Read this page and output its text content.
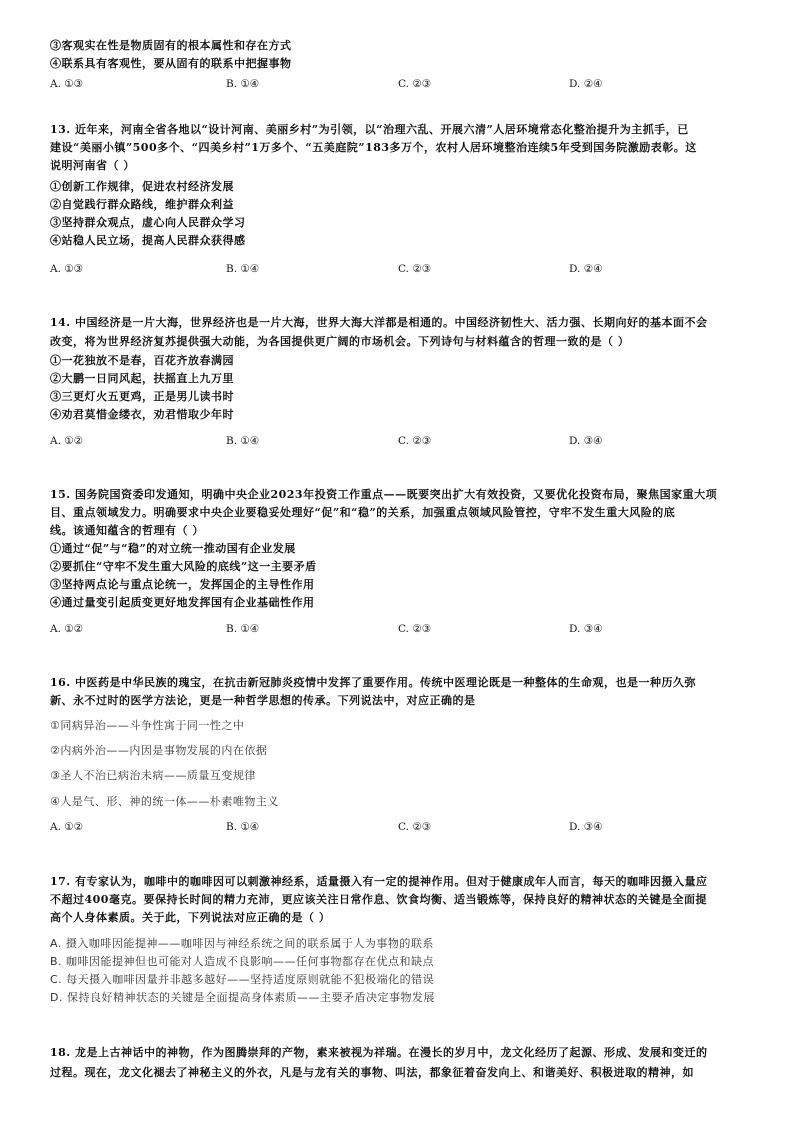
③客观实在性是物质固有的根本属性和存在方式
④联系具有客观性，要从固有的联系中把握事物
A. ①③	B. ①④	C. ②③	D. ②④
13. 近年来，河南全省各地以“设计河南、美丽乡村”为引领，以“治理六乱、开展六清”人居环境常态化整治提升为主抓手，已
建设“美丽小镇”500多个、“四美乡村”1万多个、“五美庭院”183多万个，农村人居环境整治连续5年受到国务院激励表彰。这
说明河南省（ ）
①创新工作规律，促进农村经济发展
②自觉践行群众路线，维护群众利益
③坚持群众观点，虚心向人民群众学习
④站稳人民立场，提高人民群众获得感
A. ①③	B. ①④	C. ②③	D. ②④
14. 中国经济是一片大海，世界经济也是一片大海，世界大海大洋都是相通的。中国经济韧性大、活力强、长期向好的基本面不会
改变，将为世界经济复苏提供强大动能，为各国提供更广阔的市场机会。下列诗句与材料蕴含的哲理一致的是（ ）
①一花独放不是春，百花齐放春满园
②大鹏一日同风起，扶摇直上九万里
③三更灯火五更鸡，正是男儿读书时
④劝君莫惜金缕衣，劝君惜取少年时
A. ①②	B. ①④	C. ②③	D. ③④
15. 国务院国资委印发通知，明确中央企业2023年投资工作重点——既要突出扩大有效投资，又要优化投资布局，聚焦国家重大项
目、重点领域发力。明确要求中央企业要稳妥处理好“促”和“稳”的关系，加强重点领域风险管控，守牢不发生重大风险的底
线。该通知蕴含的哲理有（ ）
①通过“促”与“稳”的对立统一推动国有企业发展
②要抓住“守牢不发生重大风险的底线”这一主要矛盾
③坚持两点论与重点论统一，发挥国企的主导性作用
④通过量变引起质变更好地发挥国有企业基础性作用
A. ①②	B. ①④	C. ②③	D. ③④
16. 中医药是中华民族的瑰宝，在抗击新冠肺炎疫情中发挥了重要作用。传统中医理论既是一种整体的生命观，也是一种历久弥
新、永不过时的医学方法论，更是一种哲学思想的传承。下列说法中，对应正确的是
①同病异治——斗争性寓于同一性之中
②内病外治——内因是事物发展的内在依据
③圣人不治已病治未病——质量互变规律
④人是气、形、神的统一体——朴素唯物主义
A. ①②	B. ①④	C. ②③	D. ③④
17. 有专家认为，咖啡中的咖啡因可以刺激神经系，适量摄入有一定的提神作用。但对于健康成年人而言，每天的咖啡因摄入量应
不超过400毫克。要保持长时间的精力充沛，更应该关注日常作息、饮食均衡、适当锻炼等，保持良好的精神状态的关键是全面提
高个人身体素质。关于此，下列说法对应正确的是（ ）
A. 摄入咖啡因能提神——咖啡因与神经系统之间的联系属于人为事物的联系
B. 咖啡因能提神但也可能对人造成不良影响——任何事物都存在优点和缺点
C. 每天摄入咖啡因量并非越多越好——坚持适度原则就能不犯极端化的错误
D. 保持良好精神状态的关键是全面提高身体素质——主要矛盾决定事物发展
18. 龙是上古神话中的神物，作为图腾崇拜的产物，素来被视为祥瑞。在漫长的岁月中，龙文化经历了起源、形成、发展和变迁的
过程。现在，龙文化褪去了神秘主义的外衣，凡是与龙有关的事物、叫法，都象征着奋发向上、和谐美好、积极进取的精神，如
